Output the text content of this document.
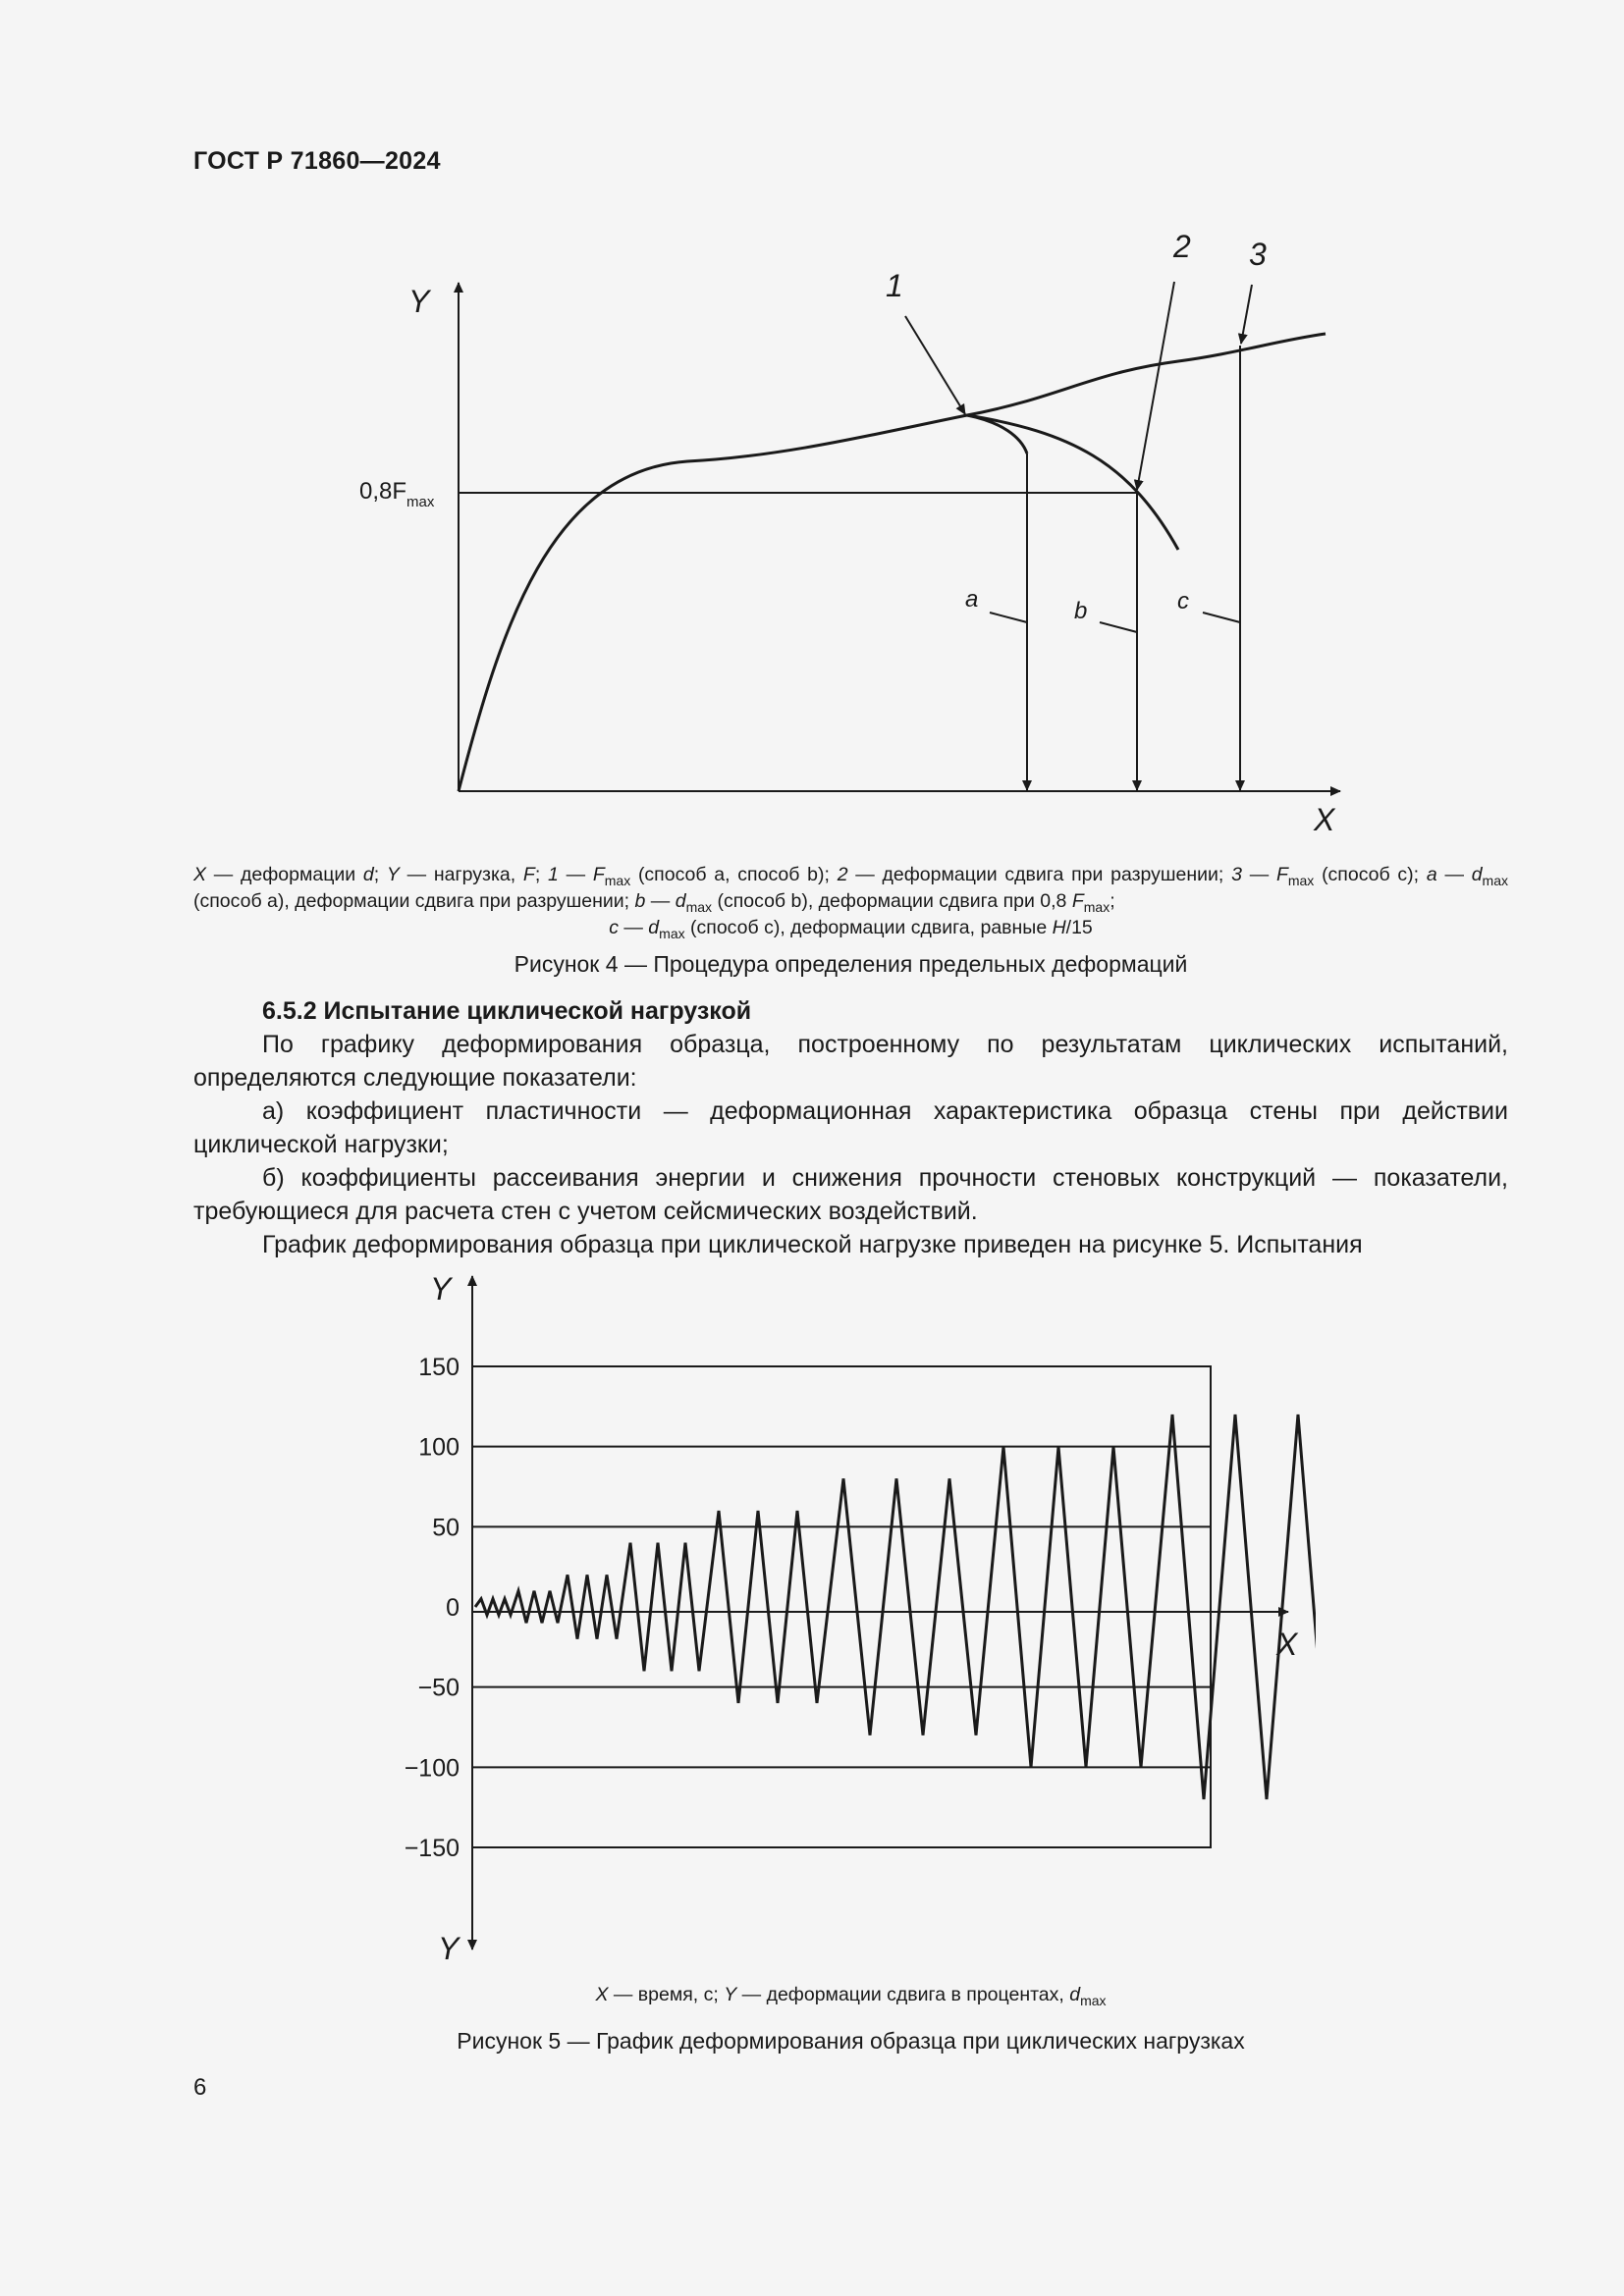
ГОСТ Р 71860—2024
Y
X
$0,8F_{max}$
1
2 3
a	b	c
X — деформации d; Y — нагрузка, F; 1 — $F_{max}$ (способ a, способ b); 2 — деформации сдвига при разрушении; 3 — $F_{max}$ (способ с); a — $d_{max}$ (способ a), деформации сдвига при разрушении; b — $d_{max}$ (способ b), деформации сдвига при 0,8 $F_{max}$;
c — $d_{max}$ (способ c), деформации сдвига, равные H/15
Рисунок 4 — Процедура определения предельных деформаций
6.5.2 Испытание циклической нагрузкой
По графику деформирования образца, построенному по результатам циклических испытаний, определяются следующие показатели:
а) коэффициент пластичности — деформационная характеристика образца стены при действии циклической нагрузки;
б) коэффициенты рассеивания энергии и снижения прочности стеновых конструкций — показатели, требующиеся для расчета стен с учетом сейсмических воздействий.
График деформирования образца при циклической нагрузке приведен на рисунке 5. Испытания
150
100
50
0
−50
−100
−150
Y
Y
X
X — время, с; Y — деформации сдвига в процентах, $d_{max}$
Рисунок 5 — График деформирования образца при циклических нагрузках
6
